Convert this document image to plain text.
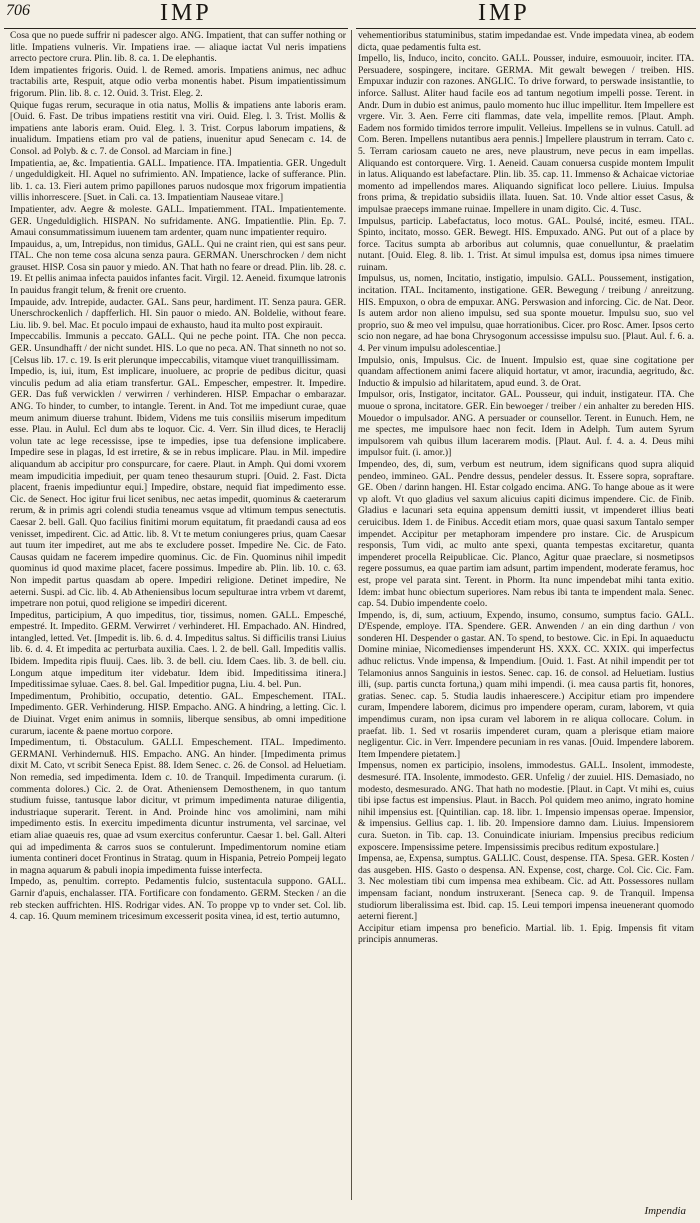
706	IMP	IMP

Cosa que no puede suffrir ni padescer algo. ANG. Impatient, that can suffer nothing or litle. Impatiens vulneris. Vir. Impatiens irae. — aliaque iactat Vul neris impatiens arrecto pectore crura. Plin. lib. 8. ca. 1. De elephantis.

Idem impatientes frigoris. Ouid. l. de Remed. amoris. Impatiens animus, nec adhuc tractabilis arte, Respuit, atque odio verba monentis habet. Pisum impatientissimum frigorum. Plin. lib. 8. c. 12. Ouid. 3. Trist. Eleg. 2.

Quique fugas rerum, securaque in otia natus, Mollis & impatiens ante laboris eram. [Ouid. 6. Fast. De tribus impatiens restitit vna viri. Ouid. Eleg. l. 3. Trist. Mollis & impatiens ante laboris eram. Ouid. Eleg. l. 3. Trist. Corpus laborum impatiens, & inualidum. Impatiens etiam pro val de patiens, inuenitur apud Senecam c. 14. de Consol. ad Polyb. & c. 7. de Consol. ad Marciam in fine.]

Impatientia, ae, &c. Impatientia. GALL. Impatience. ITA. Impatientia. GER. Ungedult / ungeduldigkeit. HI. Aquel no sufrimiento. AN. Impatience, lacke of sufferance. Plin. lib. 1. ca. 13. Fieri autem primo papillones paruos nudosque mox frigorum impatientia villis inhorrescere. [Suet. in Cali. ca. 13. Impatientiam Nauseae vitare.]

Impatienter, adv. Aegre & moleste. GALL. Impatiemment. ITAL. Impatientemente. GER. Ungeduldiglich. HISPAN. No sufridamente. ANG. Impatientlie. Plin. Ep. 7. Amaui consummatissimum iuuenem tam ardenter, quam nunc impatienter requiro.

Impauidus, a, um, Intrepidus, non timidus, GALL. Qui ne craint rien, qui est sans peur. ITAL. Che non teme cosa alcuna senza paura. GERMAN. Unerschrocken / dem nicht grauset. HISP. Cosa sin pauor y miedo. AN. That hath no feare or dread. Plin. lib. 28. c. 19. Et pellis animaa infecta pauidos infantes facit. Virgil. 12. Aeneid. fixumque latronis In pauidus frangit telum, & frenit ore cruento.

Impauide, adv. Intrepide, audacter. GAL. Sans peur, hardiment. IT. Senza paura. GER. Unerschrockenlich / dapfferlich. HI. Sin pauor o miedo. AN. Boldelie, without feare. Liu. lib. 9. bel. Mac. Et poculo impaui de exhausto, haud ita multo post expirauit.

Impeccabilis. Immunis a peccato. GALL. Qui ne peche point. ITA. Che non pecca. GER. Unsundhafft / der nicht sundet. HIS. Lo que no peca. AN. That sinneth no not so. [Celsus lib. 17. c. 19. Is erit plerunque impeccabilis, vitamque viuet tranquillissimam.

Impedio, is, iui, itum, Est implicare, inuoluere, ac proprie de pedibus dicitur, quasi vinculis pedum ad alia etiam transfertur. GAL. Empescher, empestrer. It. Impedire. GER. Das fuß verwicklen / verwirren / verhinderen. HISP. Empachar o embarazar. ANG. To hinder, to cumber, to intangle. Terent. in And. Tot me impediunt curae, quae meum animum diuerse trahunt. Ibidem, Videns me tuis consiliis miserum impeditum esse. Plau. in Aulul. Ecl dum abs te loquor. Cic. 4. Verr. Sin illud dices, te Heraclij volun tate ac lege recessisse, ipse te impedies, ipse tua defensione implicabere. Impedire sese in plagas, Id est irretire, & se in rebus implicare. Plau. in Mil. impedire aliquandum ab accipitur pro conspurcare, for caere. Plaut. in Amph. Qui domi vxorem meam impudicitia impediuit, per quam teneo thesaurum stupri. [Ouid. 2. Fast. Dicta placent, fraenis impediuntur equi.] Impedire, obstare, nequid fiat impedimento esse. Cic. de Senect. Hoc igitur frui licet senibus, nec aetas impedit, quominus & caeterarum rerum, & in primis agri colendi studia teneamus vsque ad vltimum tempus senectutis. Caesar 2. bell. Gall. Quo facilius finitimi morum equitatum, fit praedandi causa ad eos venisset, impedirent. Cic. ad Attic. lib. 8. Vt te metum coniungeres prius, quam Caesar aut tuum iter impediret, aut me abs te excludere posset. Impedire Ne. Cic. de Fato. Causas quidam ne facerem impedire quominus. Cic. de Fin. Quominus nihil impedit quominus id quod maxime placet, facere possimus. Impedire ab. Plin. lib. 10. c. 63. Non impedit partus quasdam ab opere. Impediri religione. Detinet impedire, Ne aeterni. Suspi. ad Cic. lib. 4. Ab Atheniensibus locum sepulturae intra vrbem vt daremt, impetrare non potui, quod religione se impediri dicerent.

Impeditus, participium, A quo impeditus, tior, tissimus, nomen. GALL. Empesché, empestré. It. Impedito. GERM. Verwirret / verhinderet. HI. Empachado. AN. Hindred, intangled, letted. Vet. [Impedit is. lib. 6. d. 4. Impeditus saltus. Si difficilis transi Liuius lib. 6. d. 4. Et impedita ac perturbata auxilia. Caes. l. 2. de bell. Gall. Impeditis vallis. Ibidem. Impedita ripis fluuij. Caes. lib. 3. de bell. ciu. Idem Caes. lib. 3. de bell. ciu. Longum atque impeditum iter videbatur. Idem ibid. Impeditissima itinera.] Impeditissimae syluae. Caes. 8. bel. Gal. Impeditior pugna, Liu. 4. bel. Pun.

Impedimentum, Prohibitio, occupatio, detentio. GAL. Empeschement. ITAL. Impedimento. GER. Verhinderung. HISP. Empacho. ANG. A hindring, a letting. Cic. l. de Diuinat. Vrget enim animus in somniis, liberque sensibus, ab omni impeditione curarum, iacente & paene mortuo corpore.

Impedimentum, ti. Obstaculum. GALLI. Empeschement. ITAL. Impedimento. GERMANI. Verhindernuß. HIS. Empacho. ANG. An hinder. [Impedimenta primus dixit M. Cato, vt scribit Seneca Epist. 88. Idem Senec. c. 26. de Consol. ad Heluetiam. Non remedia, sed impedimenta. Idem c. 10. de Tranquil. Impedimenta curarum. (i. commenta dolores.) Cic. 2. de Orat. Atheniensem Demosthenem, in quo tantum studium fuisse, tantusque labor dicitur, vt primum impedimenta naturae diligentia, industriaque superarit. Terent. in And. Proinde hinc vos amolimini, nam mihi impedimento estis. In exercitu impedimenta dicuntur instrumenta, vel sarcinae, vel etiam aliae quaeuis res, quae ad vsum exercitus conferuntur. Caesar 1. bel. Gall. Alteri qui ad impedimenta & carros suos se contulerunt. Impedimentorum nomine etiam iumenta contineri docet Frontinus in Stratag. quum in Hispania, Petreio Pompeij legato in magna aquarum & pabuli inopia impedimenta fuisse interfecta.

Impedo, as, penultim. correpto. Pedamentis fulcio, sustentacula suppono. GALL. Garnir d'apuis, enchalasser. ITA. Fortificare con fondamento. GERM. Stecken / an die reb stecken auffrichten. HIS. Rodrigar vides. AN. To proppe vp to vnder set. Col. lib. 4. cap. 16. Quum meminem tricesimum excesserit posita vinea, id est, tertio autumno,

vehementioribus statuminibus, statim impedandae est. Vnde impedata vinea, ab eodem dicta, quae pedamentis fulta est.

Impello, lis, Induco, incito, concito. GALL. Pousser, induire, esmouuoir, inciter. ITA. Persuadere, sospingere, incitare. GERMA. Mit gewalt bewegen / treiben. HIS. Empuxar induzir con razones. ANGLIC. To drive forward, to perswade insistantlie, to inforce. Sallust. Aliter haud facile eos ad tantum negotium impelli posse. Terent. in Andr. Dum in dubio est animus, paulo momento huc illuc impellitur. Item Impellere est vrgere. Vir. 3. Aen. Ferre citi flammas, date vela, impellite remos. [Plaut. Amph. Eadem nos formido timidos terrore impulit. Velleius. Impellens se in vulnus. Catull. ad Com. Beren. Impellens nutantibus aera pennis.] Impellere plaustrum in terram. Cato c. 5. Terram cariosam caueto ne ares, neve plaustrum, neve pecus in eam impellas. Aliquando est contorquere. Virg. 1. Aeneid. Cauam conuersa cuspide montem Impulit in latus. Aliquando est labefactare. Plin. lib. 35. cap. 11. Immenso & Achaicae victoriae momento ad impellendos mares. Aliquando significat loco pellere. Liuius. Impulsa frons prima, & trepidatio subsidiis illata. Iuuen. Sat. 10. Vnde altior esset Casus, & impulsae praeceps immane ruinae. Impellere in unam digito. Cic. 4. Tusc.

Impulsus, particip. Labefactatus, loco motus. GAL. Poulsé, incité, esmeu. ITAL. Spinto, incitato, mosso. GER. Bewegt. HIS. Empuxado. ANG. Put out of a place by force. Tacitus sumpta ab arboribus aut columnis, quae conuelluntur, & praelatim nutant. [Ouid. Eleg. 8. lib. 1. Trist. At simul impulsa est, domus ipsa nimes timuere ruinam.

Impulsus, us, nomen, Incitatio, instigatio, impulsio. GALL. Poussement, instigation, incitation. ITAL. Incitamento, instigatione. GER. Bewegung / treibung / anreitzung. HIS. Empuxon, o obra de empuxar. ANG. Perswasion and inforcing. Cic. de Nat. Deor. Is autem ardor non alieno impulsu, sed sua sponte mouetur. Impulsu suo, suo vel proprio, suo & meo vel impulsu, quae horrationibus. Cicer. pro Rosc. Amer. Ipsos certo scio non negare, ad hae bona Chrysogonum accessisse impulsu suo. [Plaut. Aul. f. 6. a. 4. Per vinum impulsu adolescentiae.]

Impulsio, onis, Impulsus. Cic. de Inuent. Impulsio est, quae sine cogitatione per quandam affectionem animi facere aliquid hortatur, vt amor, iracundia, aegritudo, &c. Inductio & impulsio ad hilaritatem, apud eund. 3. de Orat.

Impulsor, oris, Instigator, incitator. GAL. Pousseur, qui induit, instigateur. ITA. Che muoue o sprona, incitatore. GER. Ein bewoeger / treiber / ein anhalter zu bereden HIS. Mouedor o impulsador. ANG. A persuader or counsellor. Terent. in Eunuch. Hem, ne me spectes, me impulsore haec non fecit. Idem in Adelph. Tum autem Syrum impulsorem vah quibus illum lacerarem modis. [Plaut. Aul. f. 4. a. 4. Deus mihi impulsor fuit. (i. amor.)]

Impendeo, des, di, sum, verbum est neutrum, idem significans quod supra aliquid pendeo, immineo. GAL. Pendre dessus, pendeler dessus. It. Essere sopra, sopraftare. GE. Oben / darinn hangen. HI. Estar colgado encima. ANG. To hange aboue as it were vp aloft. Vt quo gladius vel saxum alicuius capiti dicimus impendere. Cic. de Finib. Gladius e lacunari seta equina appensum demitti iussit, vt impenderet illius beati ceruicibus. Idem 1. de Finibus. Accedit etiam mors, quae quasi saxum Tantalo semper impendet. Accipitur per metaphoram impendere pro instare. Cic. de Aruspicum responsis, Tum vidi, ac multo ante spexi, quanta tempestas excitaretur, quanta impenderet procella Reipublicae. Cic. Planco, Agitur quae praeclare, si nosmetipsos regere possumus, ea quae partim iam adsunt, partim impendent, moderate feramus, hoc est, prope vel parata sint. Terent. in Phorm. Ita nunc impendebat mihi tanta exitio. Idem: imbat hunc obiectum superiores. Nam rebus ibi tanta te impendent mala. Senec. cap. 54. Dubio impendente coelo.

Impendo, is, di, sum, actiuum, Expendo, insumo, consumo, sumptus facio. GALL. D'Espende, employe. ITA. Spendere. GER. Anwenden / an ein ding darthun / von sonderen HI. Despender o gastar. AN. To spend, to bestowe. Cic. in Epi. In aquaeductu Domine miniae, Nicomedienses impenderunt HS. XXX. CC. XXIX. qui imperfectus adhuc relictus. Vnde impensa, & Impendium. [Ouid. 1. Fast. At nihil impendit per tot Telamonius annos Sanguinis in iestos. Senec. cap. 16. de consol. ad Heluetiam. Iustius illi, (sup. partis cuncta fortuna,) quam mihi impendi. (i. mea causa partis fit, honores, gratias. Senec. cap. 5. Studia laudis inhaerescere.) Accipitur etiam pro impendere curam, Impendere laborem, dicimus pro impendere operam, curam, laborem, vt quia impendimus curam, non ipsa curam vel laborem in re aliqua collocare. Colum. in praefat. lib. 1. Sed vt rosariis impenderet curam, quam a plerisque etiam maiore negligentur. Cic. in Verr. Impendere pecuniam in res vanas. [Ouid. Impendere laborem. Item Impendere pietatem.]

Impensus, nomen ex participio, insolens, immodestus. GALL. Insolent, immodeste, desmesuré. ITA. Insolente, immodesto. GER. Unfelig / der zuuiel. HIS. Demasiado, no modesto, desmesurado. ANG. That hath no modestie. [Plaut. in Capt. Vt mihi es, cuius tibi ipse factus est impensius. Plaut. in Bacch. Pol quidem meo animo, ingrato homine nihil impensius est. [Quintilian. cap. 18. libr. 1. Impensio impensas operae. Impensior, & impensius. Gellius cap. 1. lib. 20. Impensiore damno dam. Liuius. Impensiorem cura. Sueton. in Tib. cap. 13. Conuindicate iniuriam. Impensius precibus redicium exposcere. Impensissime petere. Impensissimis precibus reditum expostulare.]

Impensa, ae, Expensa, sumptus. GALLIC. Coust, despense. ITA. Spesa. GER. Kosten / das ausgeben. HIS. Gasto o despensa. AN. Expense, cost, charge. Col. Cic. Cic. Fam. 3. Nec molestiam tibi cum impensa mea exhibeam. Cic. ad Att. Possessores nullam impensam faciant, nondum instruxerant. [Seneca cap. 9. de Tranquil. Impensa studiorum liberalissima est. Ibid. cap. 15. Leui tempori impensa ineuenerant quomodo aeterni fierent.]

Accipitur etiam impensa pro beneficio. Martial. lib. 1. Epig. Impensis fit vitam principis annumeras.

Impendia
